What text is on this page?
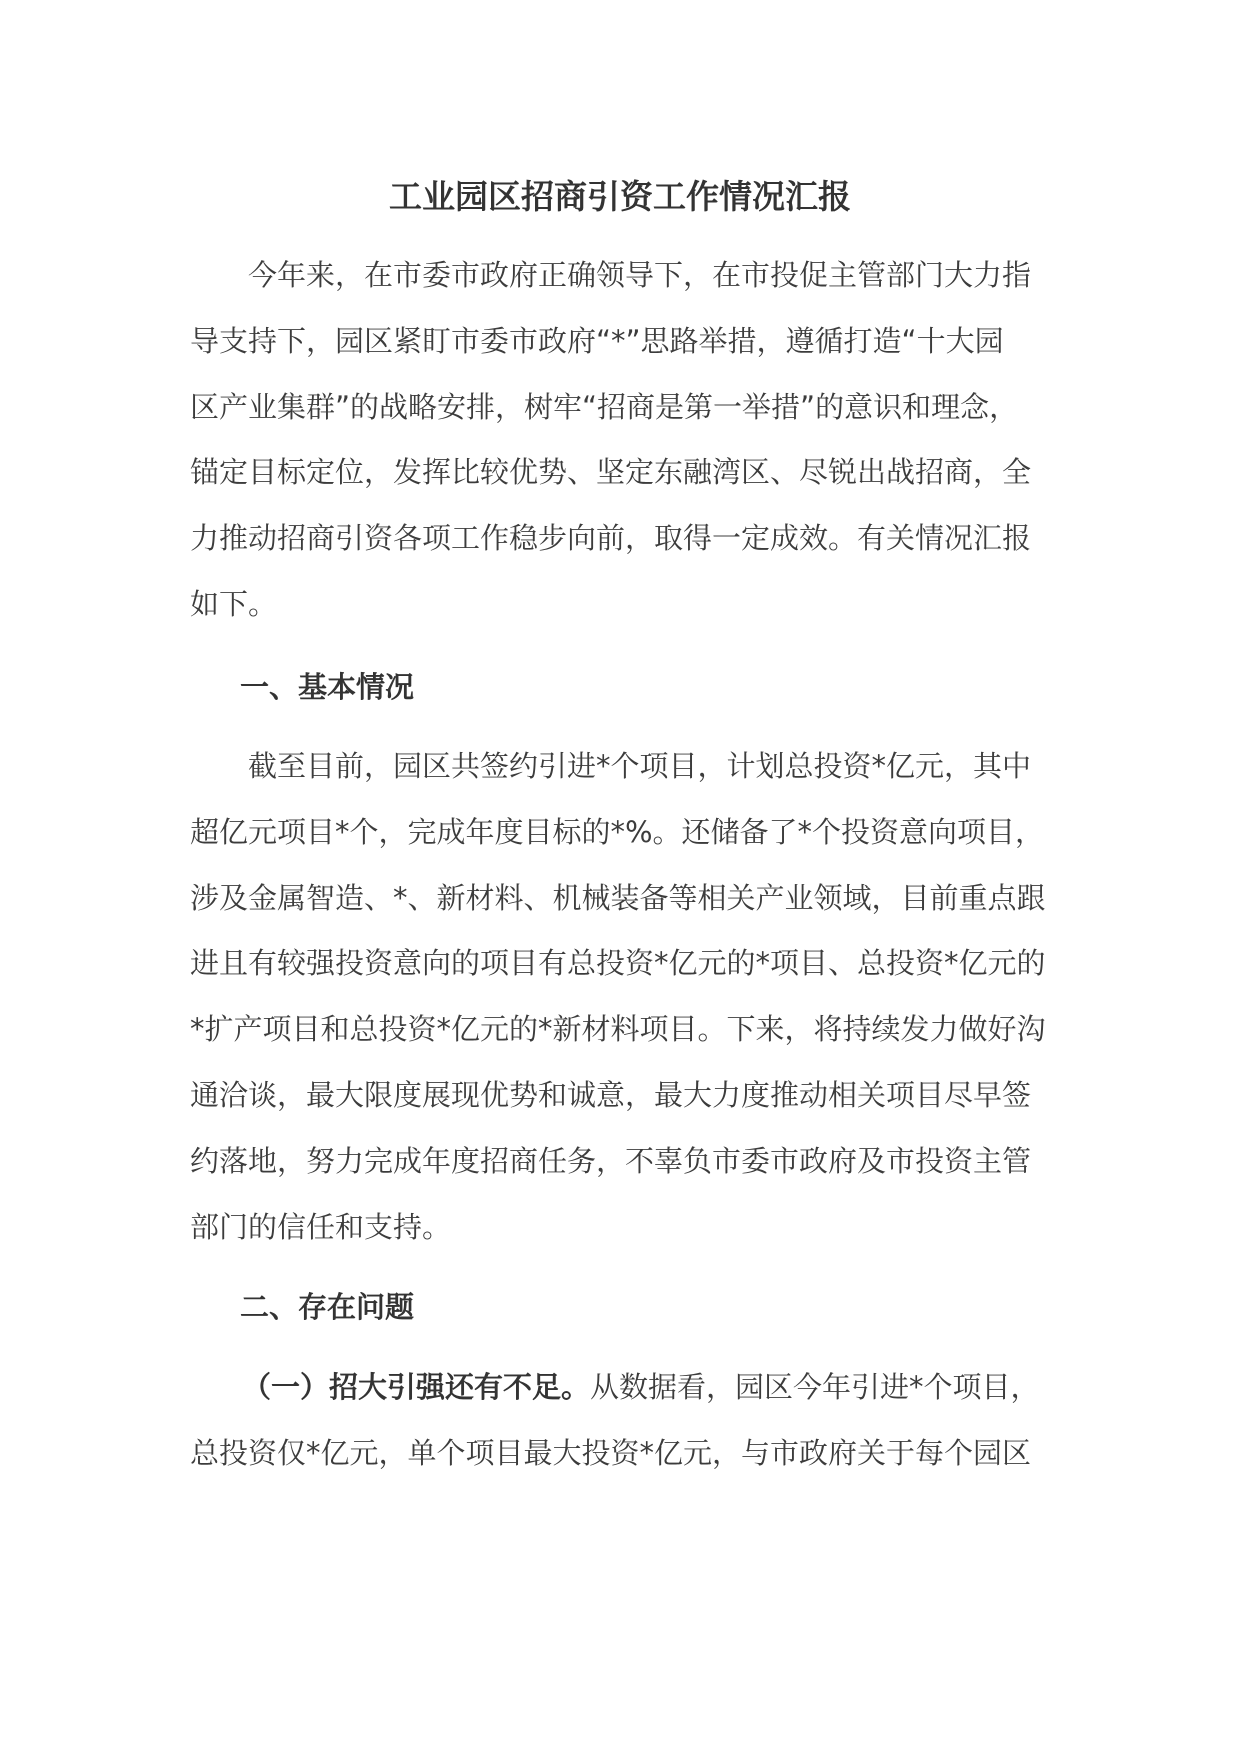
工业园区招商引资工作情况汇报
　　今年来，在市委市政府正确领导下，在市投促主管部门大力指
导支持下，园区紧盯市委市政府“*”思路举措，遵循打造“十大园
区产业集群”的战略安排，树牢“招商是第一举措”的意识和理念，
锚定目标定位，发挥比较优势、坚定东融湾区、尽锐出战招商，全
力推动招商引资各项工作稳步向前，取得一定成效。有关情况汇报
如下。
一、基本情况
　　截至目前，园区共签约引进*个项目，计划总投资*亿元，其中
超亿元项目*个，完成年度目标的*%。还储备了*个投资意向项目，
涉及金属智造、*、新材料、机械装备等相关产业领域，目前重点跟
进且有较强投资意向的项目有总投资*亿元的*项目、总投资*亿元的
*扩产项目和总投资*亿元的*新材料项目。下来，将持续发力做好沟
通洽谈，最大限度展现优势和诚意，最大力度推动相关项目尽早签
约落地，努力完成年度招商任务，不辜负市委市政府及市投资主管
部门的信任和支持。
二、存在问题
（一）招大引强还有不足。从数据看，园区今年引进*个项目，
总投资仅*亿元，单个项目最大投资*亿元，与市政府关于每个园区
